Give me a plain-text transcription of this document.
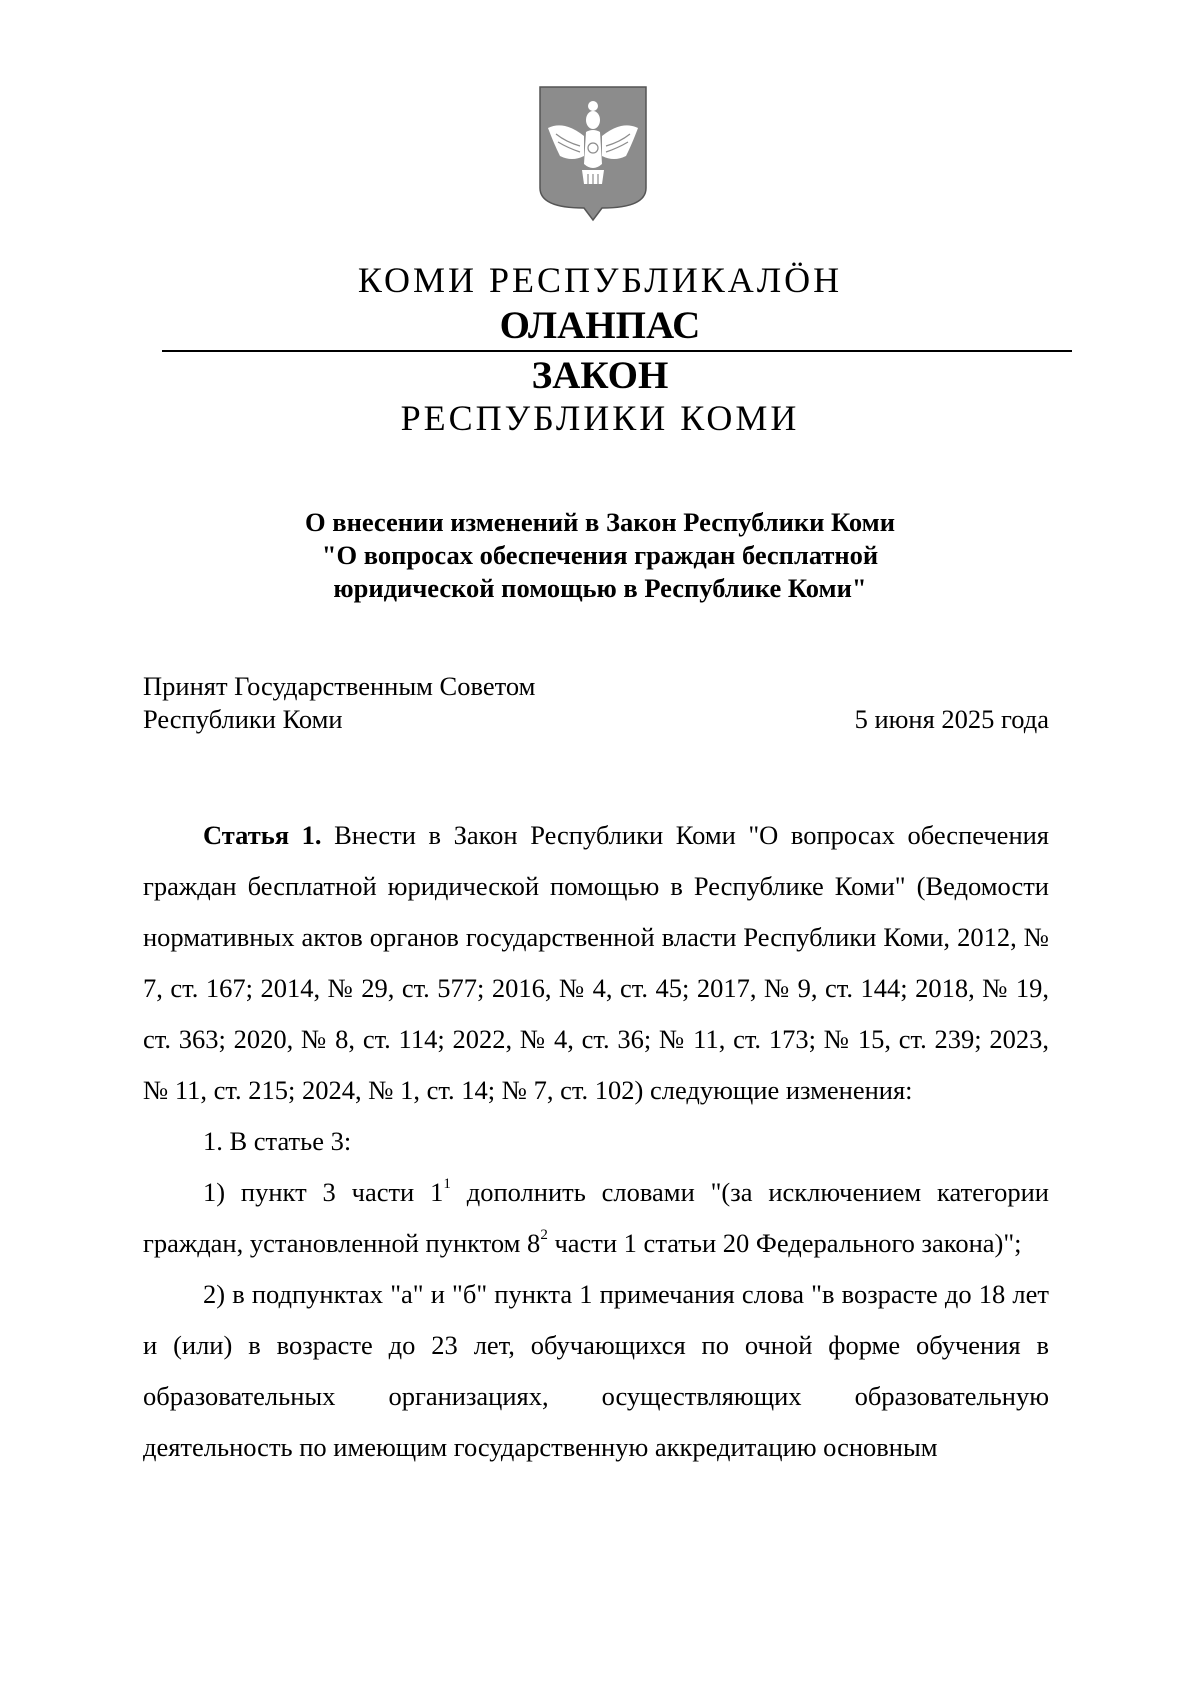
КОМИ РЕСПУБЛИКАЛӦН
ОЛАНПАС
ЗАКОН
РЕСПУБЛИКИ КОМИ
О внесении изменений в Закон Республики Коми
"О вопросах обеспечения граждан бесплатной
юридической помощью в Республике Коми"
Принят Государственным Советом
Республики Коми	5 июня 2025 года

Статья 1. Внести в Закон Республики Коми "О вопросах обеспечения граждан бесплатной юридической помощью в Республике Коми" (Ведомости нормативных актов органов государственной власти Республики Коми, 2012, № 7, ст. 167; 2014, № 29, ст. 577; 2016, № 4, ст. 45; 2017, № 9, ст. 144; 2018, № 19, ст. 363; 2020, № 8, ст. 114; 2022, № 4, ст. 36; № 11, ст. 173; № 15, ст. 239; 2023, № 11, ст. 215; 2024, № 1, ст. 14; № 7, ст. 102) следующие изменения:

1. В статье 3:

1) пункт 3 части $1^1$ дополнить словами "(за исключением категории граждан, установленной пунктом $8^2$ части 1 статьи 20 Федерального закона)";

2) в подпунктах "а" и "б" пункта 1 примечания слова "в возрасте до 18 лет и (или) в возрасте до 23 лет, обучающихся по очной форме обучения в образовательных организациях, осуществляющих образовательную деятельность по имеющим государственную аккредитацию основным
